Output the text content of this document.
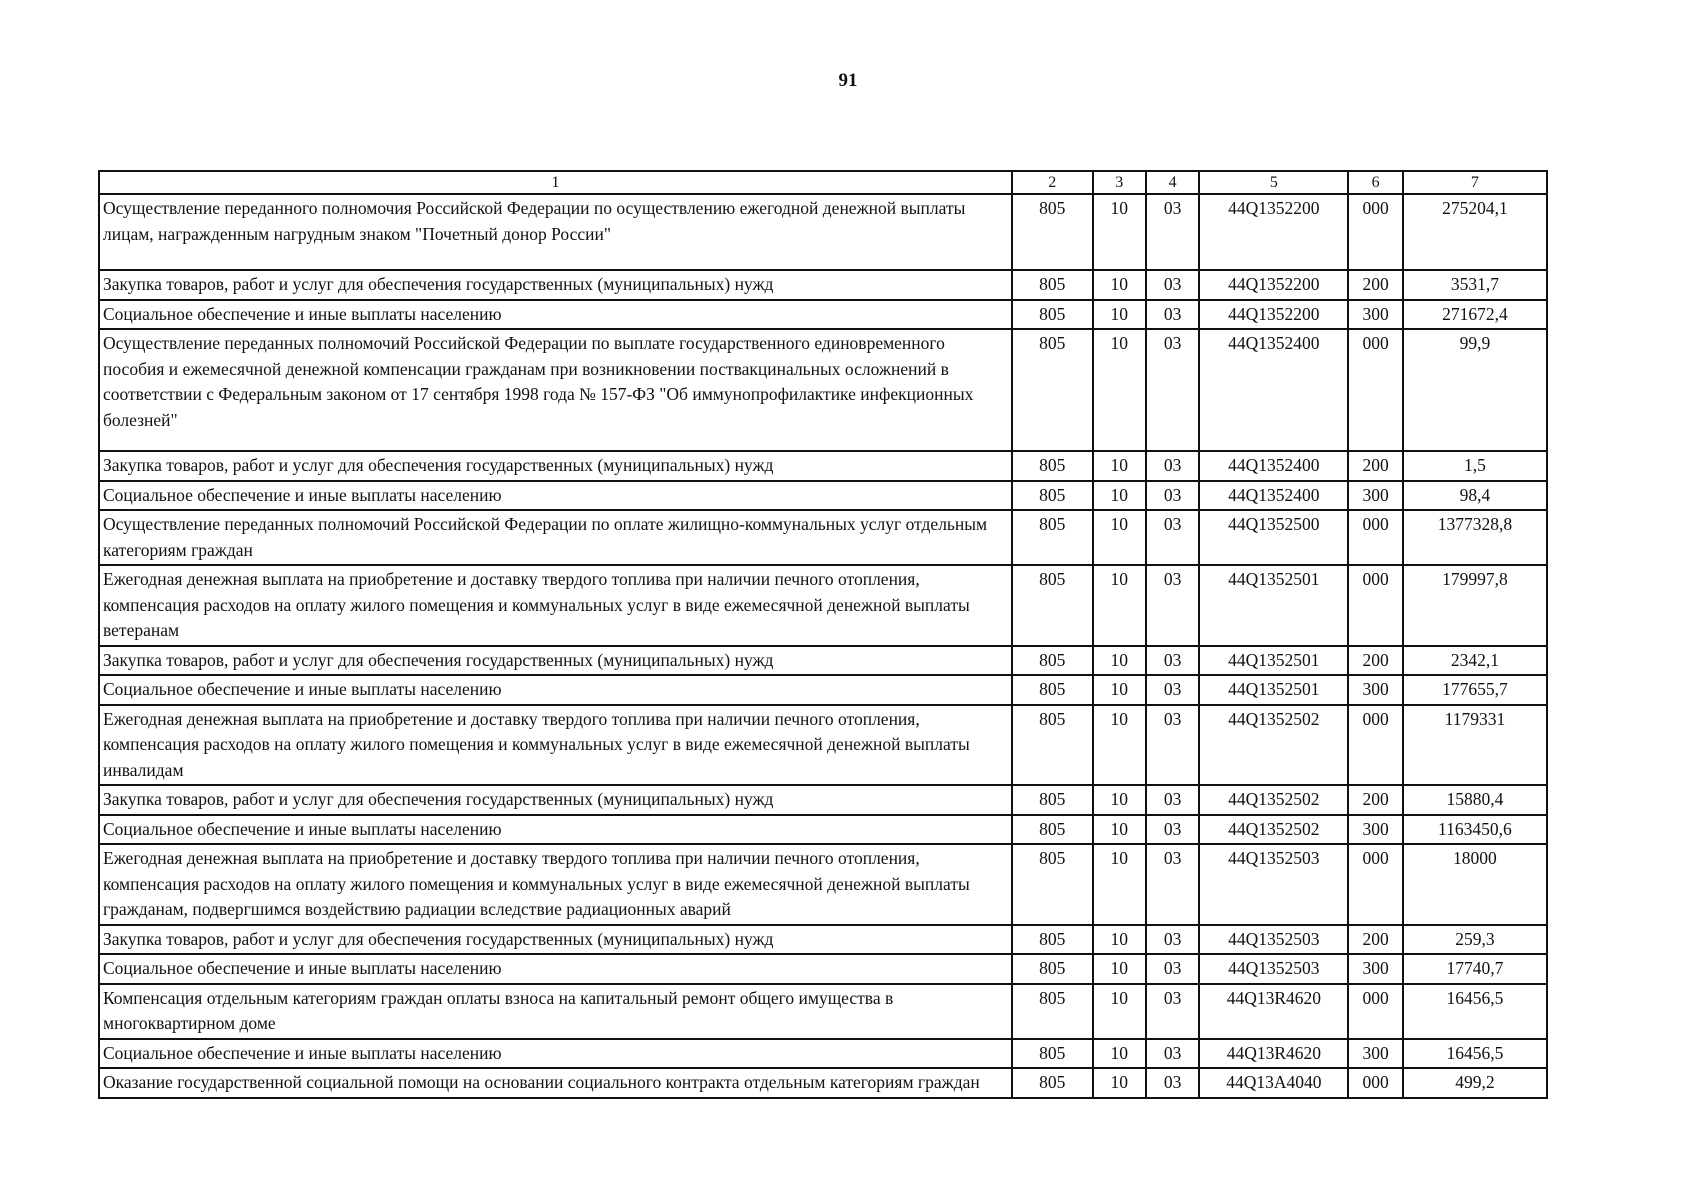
91
1	2	3	4	5	6	7
Осуществление переданного полномочия Российской Федерации по осуществлению ежегодной денежной выплаты лицам, награжденным нагрудным знаком "Почетный донор России"	805	10	03	44Q1352200	000	275204,1
Закупка товаров, работ и услуг для обеспечения государственных (муниципальных) нужд	805	10	03	44Q1352200	200	3531,7
Социальное обеспечение и иные выплаты населению	805	10	03	44Q1352200	300	271672,4
Осуществление переданных полномочий Российской Федерации по выплате государственного единовременного пособия и ежемесячной денежной компенсации гражданам при возникновении поствакцинальных осложнений в соответствии с Федеральным законом от 17 сентября 1998 года № 157-ФЗ "Об иммунопрофилактике инфекционных болезней"	805	10	03	44Q1352400	000	99,9
Закупка товаров, работ и услуг для обеспечения государственных (муниципальных) нужд	805	10	03	44Q1352400	200	1,5
Социальное обеспечение и иные выплаты населению	805	10	03	44Q1352400	300	98,4
Осуществление переданных полномочий Российской Федерации по оплате жилищно-коммунальных услуг отдельным категориям граждан	805	10	03	44Q1352500	000	1377328,8
Ежегодная денежная выплата на приобретение и доставку твердого топлива при наличии печного отопления, компенсация расходов на оплату жилого помещения и коммунальных услуг в виде ежемесячной денежной выплаты ветеранам	805	10	03	44Q1352501	000	179997,8
Закупка товаров, работ и услуг для обеспечения государственных (муниципальных) нужд	805	10	03	44Q1352501	200	2342,1
Социальное обеспечение и иные выплаты населению	805	10	03	44Q1352501	300	177655,7
Ежегодная денежная выплата на приобретение и доставку твердого топлива при наличии печного отопления, компенсация расходов на оплату жилого помещения и коммунальных услуг в виде ежемесячной денежной выплаты инвалидам	805	10	03	44Q1352502	000	1179331
Закупка товаров, работ и услуг для обеспечения государственных (муниципальных) нужд	805	10	03	44Q1352502	200	15880,4
Социальное обеспечение и иные выплаты населению	805	10	03	44Q1352502	300	1163450,6
Ежегодная денежная выплата на приобретение и доставку твердого топлива при наличии печного отопления, компенсация расходов на оплату жилого помещения и коммунальных услуг в виде ежемесячной денежной выплаты гражданам, подвергшимся воздействию радиации вследствие радиационных аварий	805	10	03	44Q1352503	000	18000
Закупка товаров, работ и услуг для обеспечения государственных (муниципальных) нужд	805	10	03	44Q1352503	200	259,3
Социальное обеспечение и иные выплаты населению	805	10	03	44Q1352503	300	17740,7
Компенсация отдельным категориям граждан оплаты взноса на капитальный ремонт общего имущества в многоквартирном доме	805	10	03	44Q13R4620	000	16456,5
Социальное обеспечение и иные выплаты населению	805	10	03	44Q13R4620	300	16456,5
Оказание государственной социальной помощи на основании социального контракта отдельным категориям граждан	805	10	03	44Q13A4040	000	499,2
